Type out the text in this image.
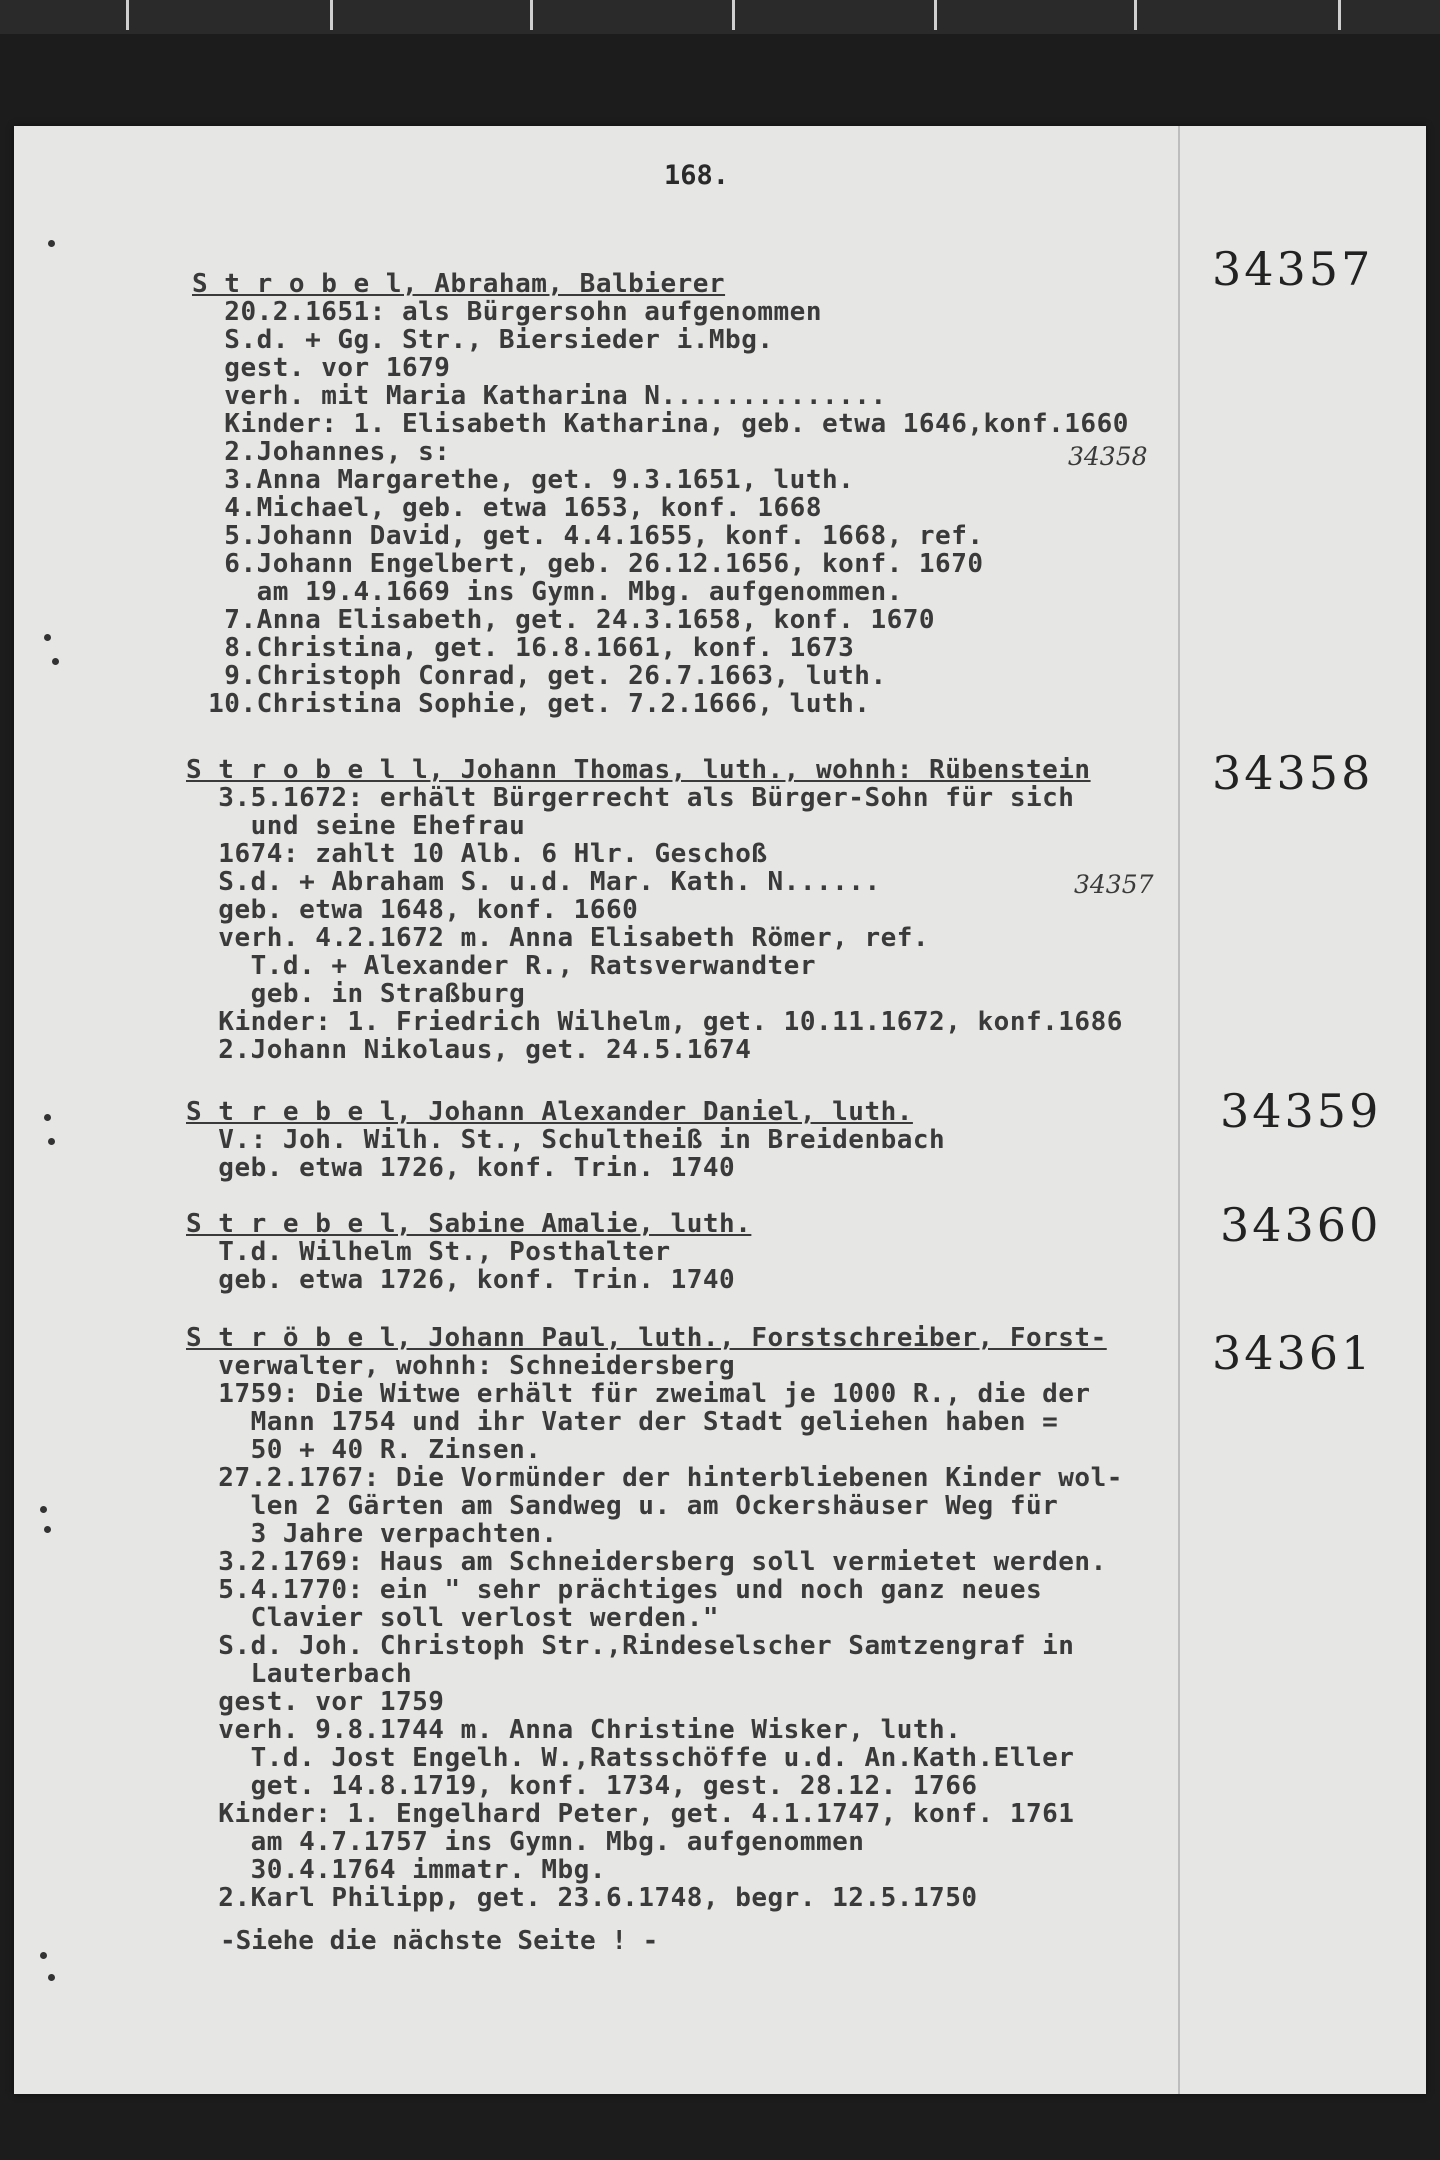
168.
34357
S t r o b e l, Abraham, Balbierer
20.2.1651: als Bürgersohn aufgenommen
S.d. + Gg. Str., Biersieder i.Mbg.
gest. vor 1679
verh. mit Maria Katharina N..............
Kinder: 1. Elisabeth Katharina, geb. etwa 1646,konf.1660
2.Johannes, s:	34358
3.Anna Margarethe, get. 9.3.1651, luth.
4.Michael, geb. etwa 1653, konf. 1668
5.Johann David, get. 4.4.1655, konf. 1668, ref.
6.Johann Engelbert, geb. 26.12.1656, konf. 1670
am 19.4.1669 ins Gymn. Mbg. aufgenommen.
7.Anna Elisabeth, get. 24.3.1658, konf. 1670
8.Christina, get. 16.8.1661, konf. 1673
9.Christoph Conrad, get. 26.7.1663, luth.
10.Christina Sophie, get. 7.2.1666, luth.
34358
S t r o b e l l, Johann Thomas, luth., wohnh: Rübenstein
3.5.1672: erhält Bürgerrecht als Bürger-Sohn für sich
und seine Ehefrau
1674: zahlt 10 Alb. 6 Hlr. Geschoß
S.d. + Abraham S. u.d. Mar. Kath. N......	34357
geb. etwa 1648, konf. 1660
verh. 4.2.1672 m. Anna Elisabeth Römer, ref.
T.d. + Alexander R., Ratsverwandter
geb. in Straßburg
Kinder: 1. Friedrich Wilhelm, get. 10.11.1672, konf.1686
2.Johann Nikolaus, get. 24.5.1674
34359
S t r e b e l, Johann Alexander Daniel, luth.
V.: Joh. Wilh. St., Schultheiß in Breidenbach
geb. etwa 1726, konf. Trin. 1740
34360
S t r e b e l, Sabine Amalie, luth.
T.d. Wilhelm St., Posthalter
geb. etwa 1726, konf. Trin. 1740
34361
S t r ö b e l, Johann Paul, luth., Forstschreiber, Forst-
verwalter, wohnh: Schneidersberg
1759: Die Witwe erhält für zweimal je 1000 R., die der
Mann 1754 und ihr Vater der Stadt geliehen haben =
50 + 40 R. Zinsen.
27.2.1767: Die Vormünder der hinterbliebenen Kinder wol-
len 2 Gärten am Sandweg u. am Ockershäuser Weg für
3 Jahre verpachten.
3.2.1769: Haus am Schneidersberg soll vermietet werden.
5.4.1770: ein " sehr prächtiges und noch ganz neues
Clavier soll verlost werden."
S.d. Joh. Christoph Str.,Rindeselscher Samtzengraf in
Lauterbach
gest. vor 1759
verh. 9.8.1744 m. Anna Christine Wisker, luth.
T.d. Jost Engelh. W.,Ratsschöffe u.d. An.Kath.Eller
get. 14.8.1719, konf. 1734, gest. 28.12. 1766
Kinder: 1. Engelhard Peter, get. 4.1.1747, konf. 1761
am 4.7.1757 ins Gymn. Mbg. aufgenommen
30.4.1764 immatr. Mbg.
2.Karl Philipp, get. 23.6.1748, begr. 12.5.1750
-Siehe die nächste Seite ! -
